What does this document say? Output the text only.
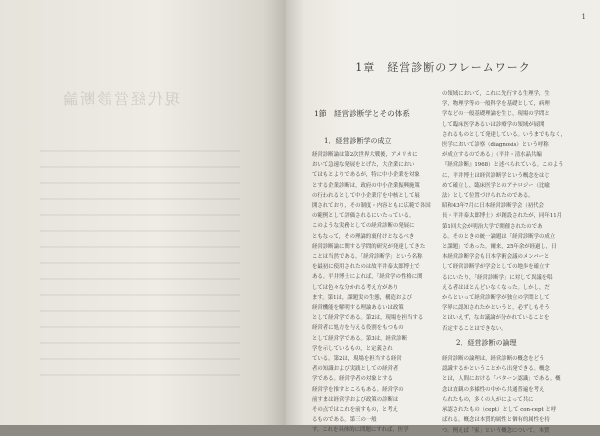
現代経営診断論
1
1章　経営診断のフレームワーク
1節　経営診断学とその体系
1．経営診断学の成立

経営診断論は第2次世界大戦後，アメリカに

おいて急速な発展をとげた，大企業におい

てはもとよりであるが，特に中小企業を対象

とする企業診断は，政府の中小企業振興施策

の行われるとして中小企業庁を中核として展

開されており，その制度・内容ともに広範で各国

の範例として評価されるにいたっている。

このような実務としての経営診断の発展に

ともなって，その理論的裏付けとなるべき

経営診断論に関する学問的研究が発達してきた

ことは当然である。「経営診断学」という名称

を最初に使用されたのは故平井泰太郎博士で

ある。平井博士によれば，「経営学の性格に関

しては色々な分かれる考え方があり

ます。第1は，課題実の生態，構造および

経営機能を解明する理論あるいは政策

として経営学である。第2は，現場を担当する

経営者に処方を与える役割をもつもの

として経営学である。第3は，経営診断

学を示しているもの，と定義され

ている。第2は，現場を担当する経営

者の知識および実践としての経営者

学である。経営学者の対象とする

経営学を推すところもある。経営学の

前すまは経営学および政策の診断は

その点ではこれを前すもの，と考え

るものである。第三の一般

す，これを具体的に問題にすれば，医学

の領域において，これに先行する生理学，生

学，物理学等の一般科学を基礎として，病理

学などの一般基礎理論を生じ，現場の学問と

して臨床医学あるいは診療学の領域が展開

されるものとして発達している。いうまでもなく，

医学において診察（diagnosis）という呼称

が成立するのである」（平井・清水晶共編

『経営診断』1968）と述べられている。このよう

に，平井博士は経営診断学という概念をはじ

めて確立し，臨床医学とのアナロジー（比喩

法）として位置づけられたのである。

昭和43年7月に日本経営診断学会（初代会

長・平井泰太郎博士）が創設されたが，同年11月

第1回大会が明治大学で開催されたのであ

る。そのときの統一論題は「経営診断学の成立

と課題」であった。爾来，25年余が経過し，日

本経営診断学会も日本学術会議のメンバーと

して経営診断学が学会としての地歩を確立す

るにいたり，「経営診断学」に対して異議を唱

える者はほとんどいなくなった。しかし，だ

からといって経営診断学が独立の学問として

学界に認知されたかというと，必ずしもそう

とはいえず，なお議論が分かれていることを

否定することはできない。

2．経営診断の論理

経営診断の論理は，経営診断の概念をどう

認識するかということから出発できる。概念

とは，人間における「パターン認識」である。概

念は直観の多様性の中から共通普遍を考え

られたもの，多くの人がによって共に

承認されたもの（cept）として con-cept と呼

ばれる。概念は本質的属性と個有的属性を持

つ。例えば「家」という概念について，本質
